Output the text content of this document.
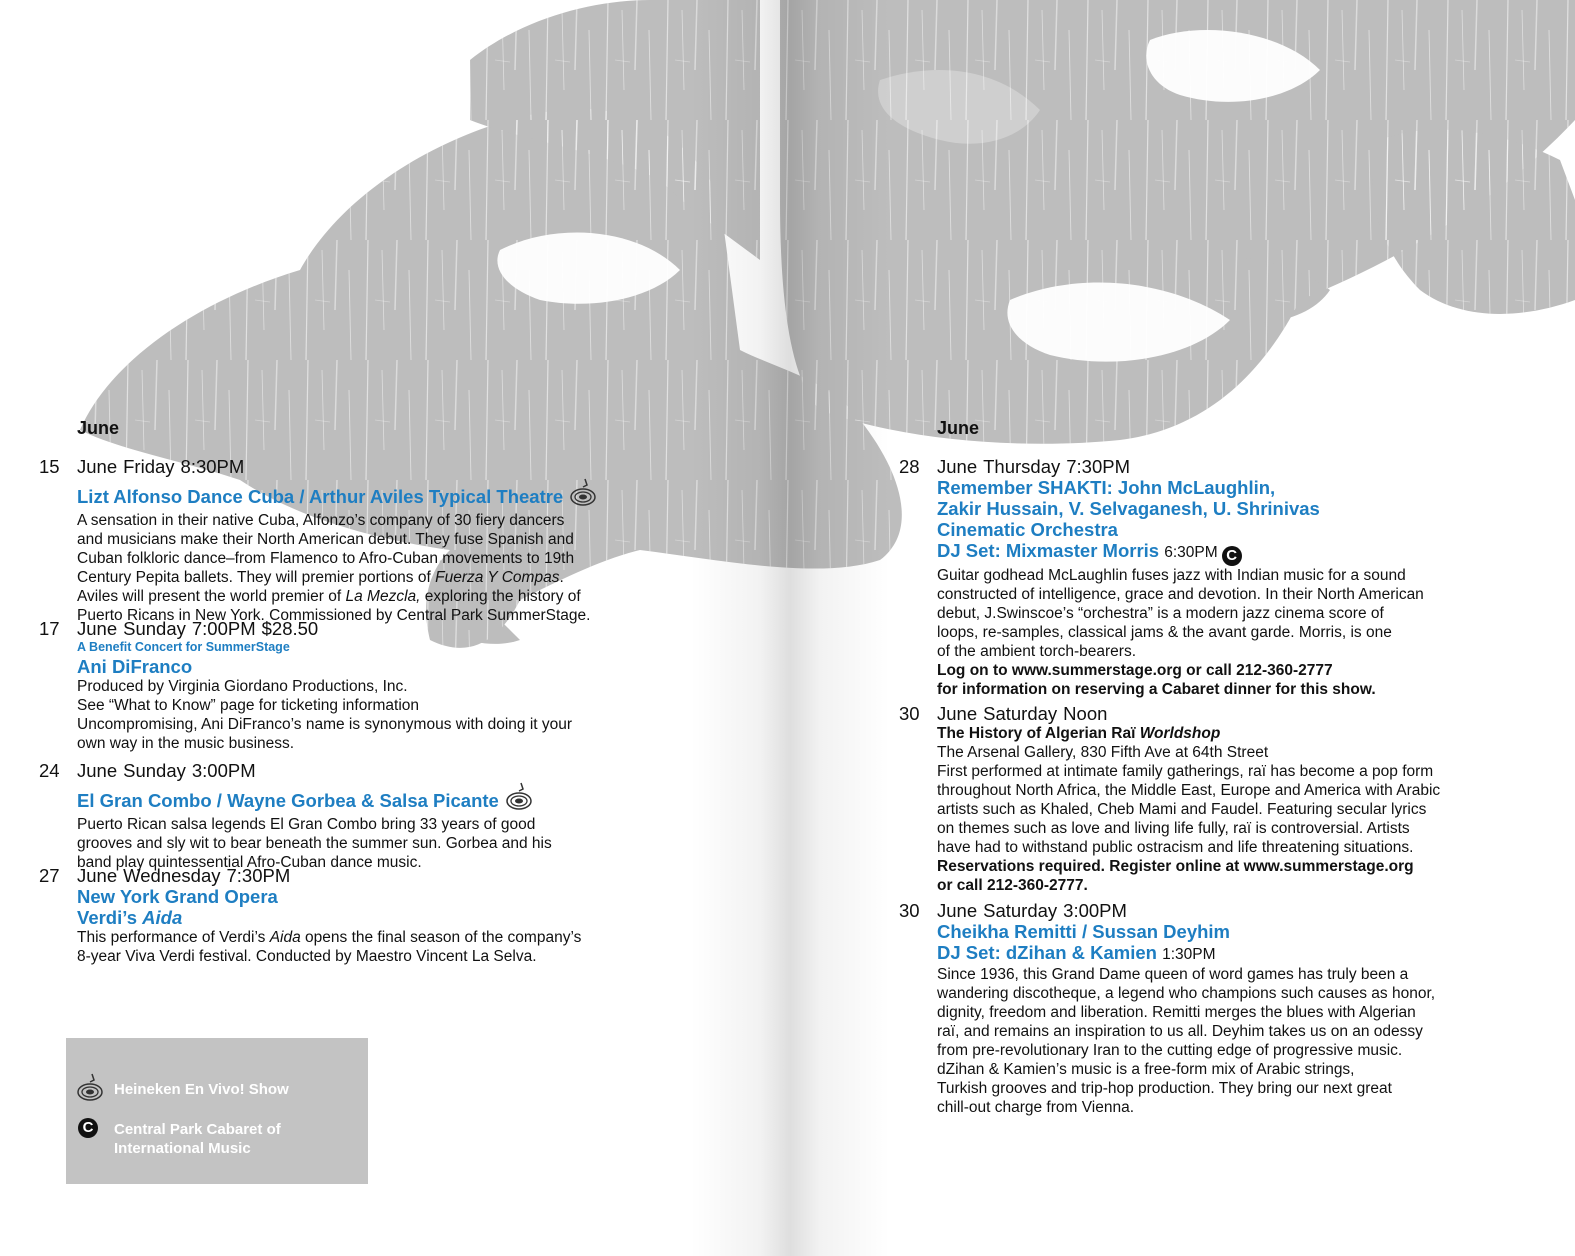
June
15 June Friday 8:30PM
Lizt Alfonso Dance Cuba / Arthur Aviles Typical Theatre
A sensation in their native Cuba, Alfonzo’s company of 30 fiery dancers
and musicians make their North American debut. They fuse Spanish and
Cuban folkloric dance–from Flamenco to Afro-Cuban movements to 19th
Century Pepita ballets. They will premier portions of Fuerza Y Compas.
Aviles will present the world premier of La Mezcla, exploring the history of
Puerto Ricans in New York. Commissioned by Central Park SummerStage.
17 June Sunday 7:00PM $28.50
A Benefit Concert for SummerStage
Ani DiFranco
Produced by Virginia Giordano Productions, Inc.
See “What to Know” page for ticketing information
Uncompromising, Ani DiFranco’s name is synonymous with doing it your
own way in the music business.
24 June Sunday 3:00PM
El Gran Combo / Wayne Gorbea & Salsa Picante
Puerto Rican salsa legends El Gran Combo bring 33 years of good
grooves and sly wit to bear beneath the summer sun. Gorbea and his
band play quintessential Afro-Cuban dance music.
27 June Wednesday 7:30PM
New York Grand Opera
Verdi’s Aida
This performance of Verdi’s Aida opens the final season of the company’s
8-year Viva Verdi festival. Conducted by Maestro Vincent La Selva.
Heineken En Vivo! Show
C	Central Park Cabaret of
International Music
June
28 June Thursday 7:30PM
Remember SHAKTI: John McLaughlin,
Zakir Hussain, V. Selvaganesh, U. Shrinivas
Cinematic Orchestra
DJ Set: Mixmaster Morris 6:30PM C
Guitar godhead McLaughlin fuses jazz with Indian music for a sound
constructed of intelligence, grace and devotion. In their North American
debut, J.Swinscoe’s “orchestra” is a modern jazz cinema score of
loops, re-samples, classical jams & the avant garde. Morris, is one
of the ambient torch-bearers.
Log on to www.summerstage.org or call 212-360-2777
for information on reserving a Cabaret dinner for this show.
30 June Saturday Noon
The History of Algerian Raï Worldshop
The Arsenal Gallery, 830 Fifth Ave at 64th Street
First performed at intimate family gatherings, raï has become a pop form
throughout North Africa, the Middle East, Europe and America with Arabic
artists such as Khaled, Cheb Mami and Faudel. Featuring secular lyrics
on themes such as love and living life fully, raï is controversial. Artists
have had to withstand public ostracism and life threatening situations.
Reservations required. Register online at www.summerstage.org
or call 212-360-2777.
30 June Saturday 3:00PM
Cheikha Remitti / Sussan Deyhim
DJ Set: dZihan & Kamien 1:30PM
Since 1936, this Grand Dame queen of word games has truly been a
wandering discotheque, a legend who champions such causes as honor,
dignity, freedom and liberation. Remitti merges the blues with Algerian
raï, and remains an inspiration to us all. Deyhim takes us on an odessy
from pre-revolutionary Iran to the cutting edge of progressive music.
dZihan & Kamien’s music is a free-form mix of Arabic strings,
Turkish grooves and trip-hop production. They bring our next great
chill-out charge from Vienna.
